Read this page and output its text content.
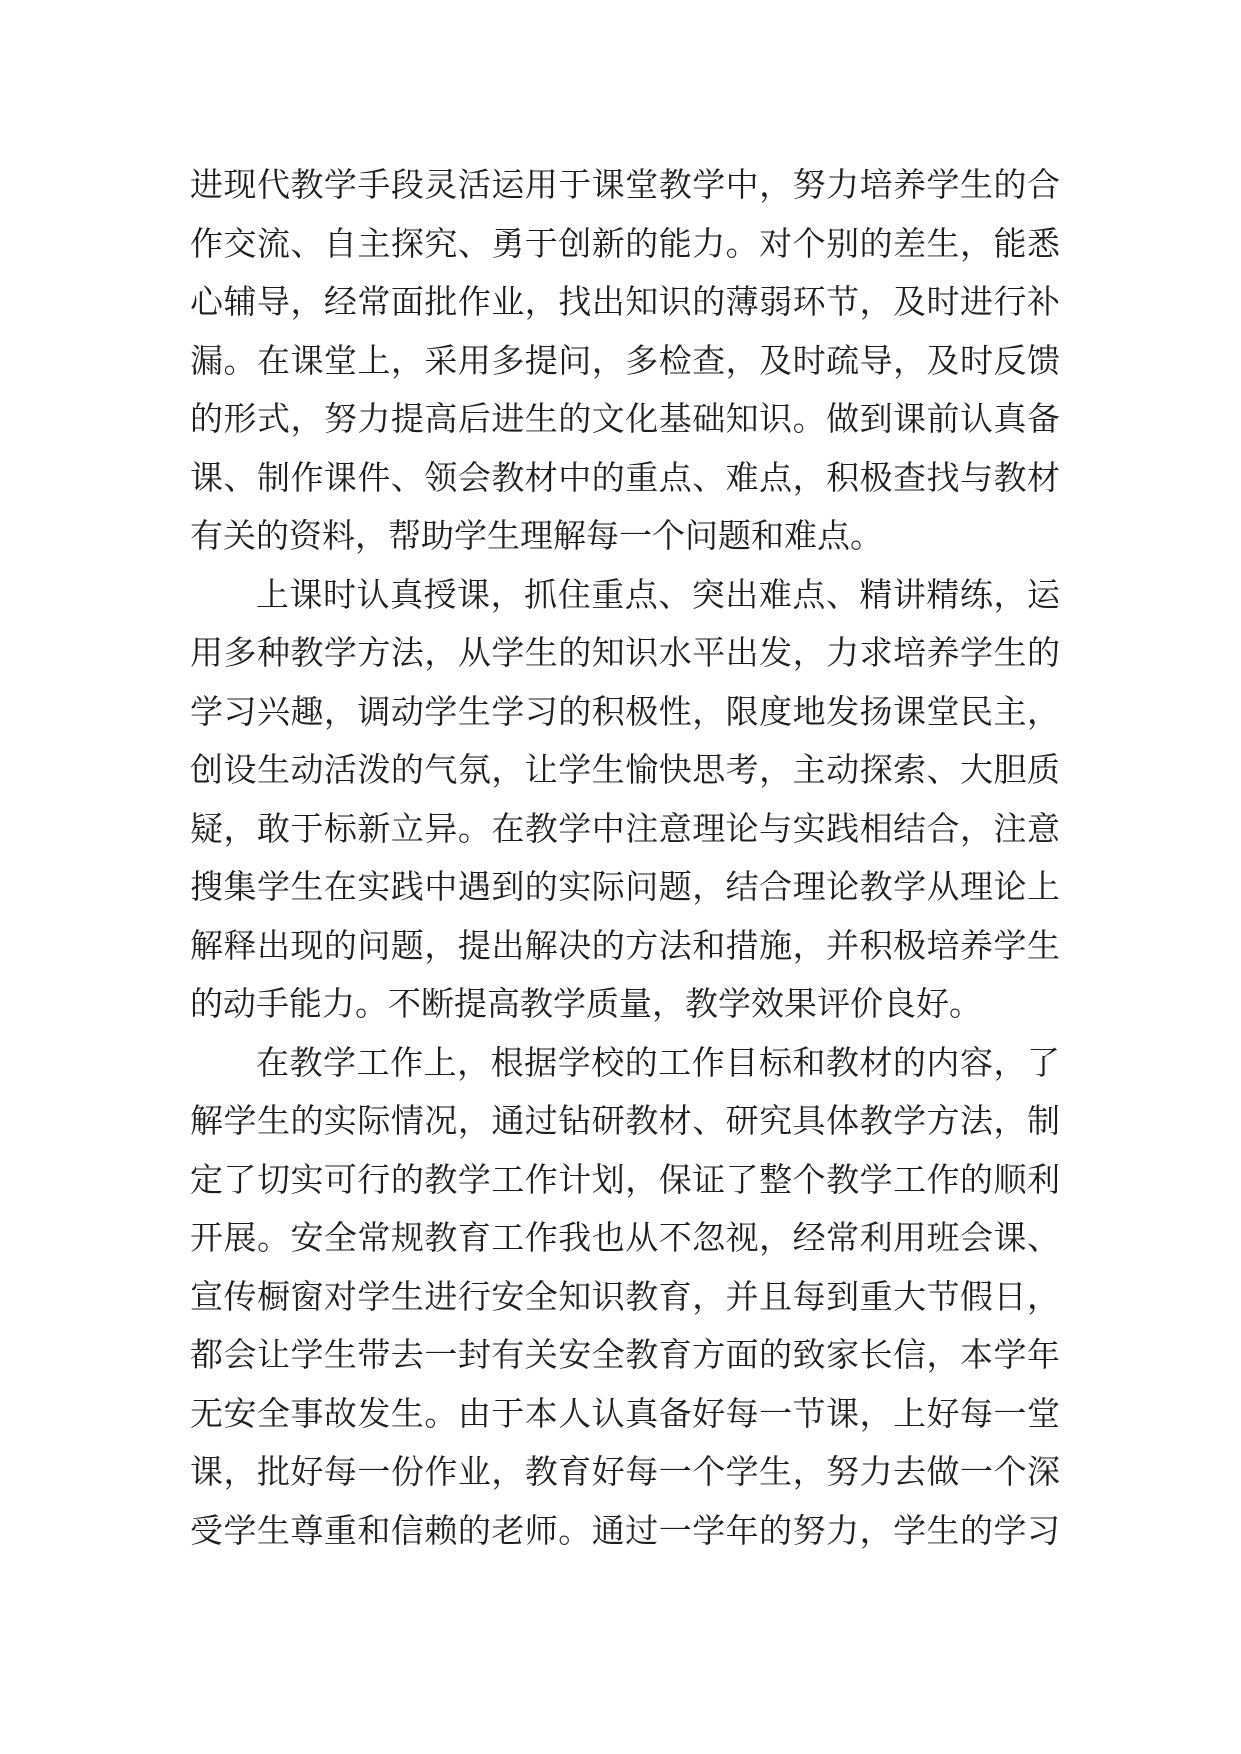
进现代教学手段灵活运用于课堂教学中，努力培养学生的合
作交流、自主探究、勇于创新的能力。对个别的差生，能悉
心辅导，经常面批作业，找出知识的薄弱环节，及时进行补
漏。在课堂上，采用多提问，多检查，及时疏导，及时反馈
的形式，努力提高后进生的文化基础知识。做到课前认真备
课、制作课件、领会教材中的重点、难点，积极查找与教材
有关的资料，帮助学生理解每一个问题和难点。
上课时认真授课，抓住重点、突出难点、精讲精练，运
用多种教学方法，从学生的知识水平出发，力求培养学生的
学习兴趣，调动学生学习的积极性，限度地发扬课堂民主，
创设生动活泼的气氛，让学生愉快思考，主动探索、大胆质
疑，敢于标新立异。在教学中注意理论与实践相结合，注意
搜集学生在实践中遇到的实际问题，结合理论教学从理论上
解释出现的问题，提出解决的方法和措施，并积极培养学生
的动手能力。不断提高教学质量，教学效果评价良好。
在教学工作上，根据学校的工作目标和教材的内容，了
解学生的实际情况，通过钻研教材、研究具体教学方法，制
定了切实可行的教学工作计划，保证了整个教学工作的顺利
开展。安全常规教育工作我也从不忽视，经常利用班会课、
宣传橱窗对学生进行安全知识教育，并且每到重大节假日，
都会让学生带去一封有关安全教育方面的致家长信，本学年
无安全事故发生。由于本人认真备好每一节课，上好每一堂
课，批好每一份作业，教育好每一个学生，努力去做一个深
受学生尊重和信赖的老师。通过一学年的努力，学生的学习
